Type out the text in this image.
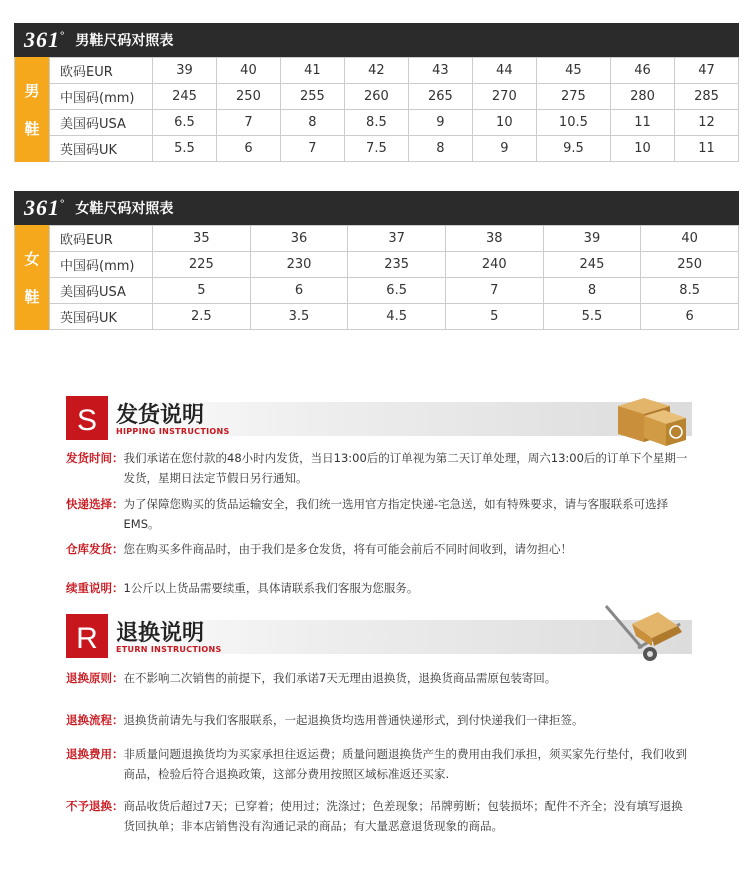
361° 男鞋尺码对照表
男
鞋
欧码EUR	39	40	41	42	43	44	45	46	47
中国码(mm)	245	250	255	260	265	270	275	280	285
美国码USA	6.5	7	8	8.5	9	10	10.5	11	12
英国码UK	5.5	6	7	7.5	8	9	9.5	10	11
361° 女鞋尺码对照表
女
鞋
欧码EUR	35	36	37	38	39	40
中国码(mm)	225	230	235	240	245	250
美国码USA	5	6	6.5	7	8	8.5
英国码UK	2.5	3.5	4.5	5	5.5	6
S 发货说明
HIPPING INSTRUCTIONS
发货时间： 我们承诺在您付款的48小时内发货，当日13:00后的订单视为第二天订单处理，周六13:00后的订单下个星期一发货，星期日法定节假日另行通知。
快递选择： 为了保障您购买的货品运输安全，我们统一选用官方指定快递-宅急送，如有特殊要求，请与客服联系可选择EMS。
仓库发货： 您在购买多件商品时，由于我们是多仓发货，将有可能会前后不同时间收到，请勿担心！
续重说明： 1公斤以上货品需要续重，具体请联系我们客服为您服务。
R 退换说明
ETURN INSTRUCTIONS
退换原则： 在不影响二次销售的前提下，我们承诺7天无理由退换货，退换货商品需原包装寄回。
退换流程： 退换货前请先与我们客服联系，一起退换货均选用普通快递形式，到付快递我们一律拒签。
退换费用： 非质量问题退换货均为买家承担往返运费；质量问题退换货产生的费用由我们承担，须买家先行垫付，我们收到商品，检验后符合退换政策，这部分费用按照区域标准返还买家.
不予退换： 商品收货后超过7天；已穿着；使用过；洗涤过；色差现象；吊牌剪断；包装损坏；配件不齐全；没有填写退换货回执单；非本店销售没有沟通记录的商品；有大量恶意退货现象的商品。
